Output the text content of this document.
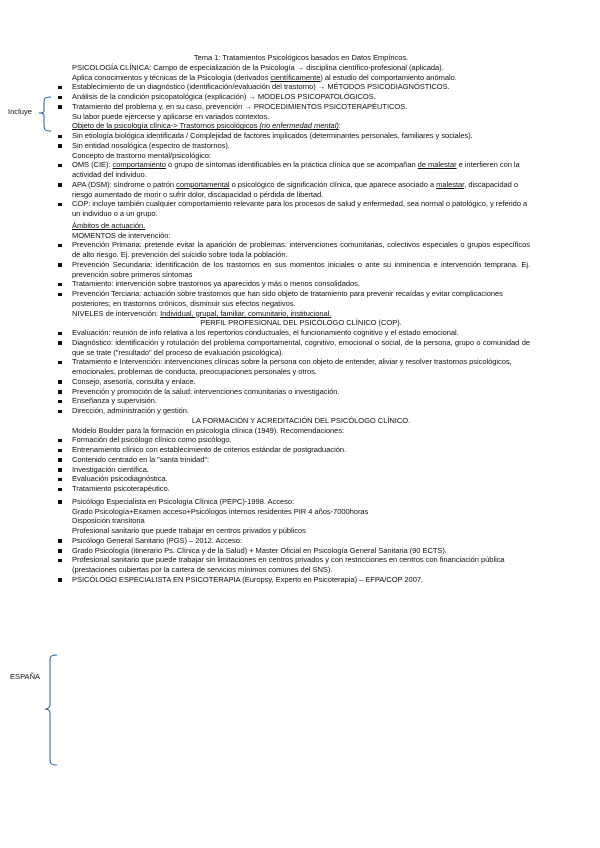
Incluye
ESPAÑA
Tema 1: Tratamientos Psicológicos basados en Datos Empíricos.
PSICOLOGÍA CLÍNICA: Campo de especialización de la Psicología → disciplina científico-profesional (aplicada).
Aplica conocimientos y técnicas de la Psicología (derivados científicamente) al estudio del comportamiento anómalo.
Establecimiento de un diagnóstico (identificación/evaluación del trastorno) → MÉTODOS PSICODIAGNÓSTICOS.
Análisis de la condición psicopatológica (explicación) → MODELOS PSICOPATOLÓGICOS.
Tratamiento del problema y, en su caso, prevención → PROCEDIMIENTOS PSICOTERAPÉUTICOS.
Su labor puede ejercerse y aplicarse en variados contextos.
Objeto de la psicología clínica-> Trastornos psicológicos (no enfermedad mental):
Sin etiología biológica identificada / Complejidad de factores implicados (determinantes personales, familiares y sociales).
Sin entidad nosológica (espectro de trastornos).
Concepto de trastorno mental/psicológico:
OMS (CIE): comportamiento o grupo de síntomas identificables en la práctica clínica que se acompañan de malestar e interfieren con la actividad del individuo.
APA (DSM): síndrome o patrón comportamental o psicológico de significación clínica, que aparece asociado a malestar, discapacidad o riesgo aumentado de morir o sufrir dolor, discapacidad o pérdida de libertad.
COP: incluye también cualquier comportamiento relevante para los procesos de salud y enfermedad, sea normal o patológico, y referido a un individuo o a un grupo.
Ámbitos de actuación.
MOMENTOS de intervención:
Prevención Primaria: pretende evitar la aparición de problemas: intervenciones comunitarias, colectivos especiales o grupos específicos de alto riesgo. Ej. prevención del suicidio sobre toda la población.
Prevención Secundaria: identificación de los trastornos en sus momentos iniciales o ante su inminencia e intervención temprana. Ej. prevención sobre primeros síntomas
Tratamiento: intervención sobre trastornos ya aparecidos y más o menos consolidados.
Prevención Terciaria: actuación sobre trastornos que han sido objeto de tratamiento para prevenir recaídas y evitar complicaciones posteriores; en trastornos crónicos, disminuir sus efectos negativos.
NIVELES de intervención: Individual, grupal, familiar, comunitario, institucional.
PERFIL PROFESIONAL DEL PSICÓLOGO CLÍNICO (COP).
Evaluación: reunión de info relativa a los repertorios conductuales, el funcionamiento cognitivo y el estado emocional.
Diagnóstico: identificación y rotulación del problema comportamental, cognitivo, emocional o social, de la persona, grupo o comunidad de que se trate ("resultado" del proceso de evaluación psicológica).
Tratamiento e Intervención: intervenciones clínicas sobre la persona con objeto de entender, aliviar y resolver trastornos psicológicos, emocionales, problemas de conducta, preocupaciones personales y otros.
Consejo, asesoría, consulta y enlace.
Prevención y promoción de la salud: intervenciones comunitarias o investigación.
Enseñanza y supervisión.
Dirección, administración y gestión.
LA FORMACIÓN Y ACREDITACIÓN DEL PSICÓLOGO CLÍNICO.
Modelo Boulder para la formación en psicología clínica (1949). Recomendaciones:
Formación del psicólogo clínico como psicólogo.
Entrenamiento clínico con establecimiento de criterios estándar de postgraduación.
Contenido centrado en la "santa trinidad":
Investigación científica.
Evaluación psicodiagnóstica.
Tratamiento psicoterapéutico.
Psicólogo Especialista en Psicología Clínica (PEPC)-1998. Acceso:
Grado Psicología+Examen acceso+Psicólogos internos residentes PIR 4 años-7000horas
Disposición transitoria
Profesional sanitario que puede trabajar en centros privados y públicos
Psicólogo General Sanitario (PGS) – 2012. Acceso:
Grado Psicología (itinerario Ps. Clínica y de la Salud) + Master Oficial en Psicología General Sanitaria (90 ECTS).
Profesional sanitario que puede trabajar sin limitaciones en centros privados y con restricciones en centros con financiación pública (prestaciones cubiertas por la cartera de servicios mínimos comunes del SNS).
PSICÓLOGO ESPECIALISTA EN PSICOTERAPIA (Europsy, Experto en Psicoterapia) – EFPA/COP 2007.
